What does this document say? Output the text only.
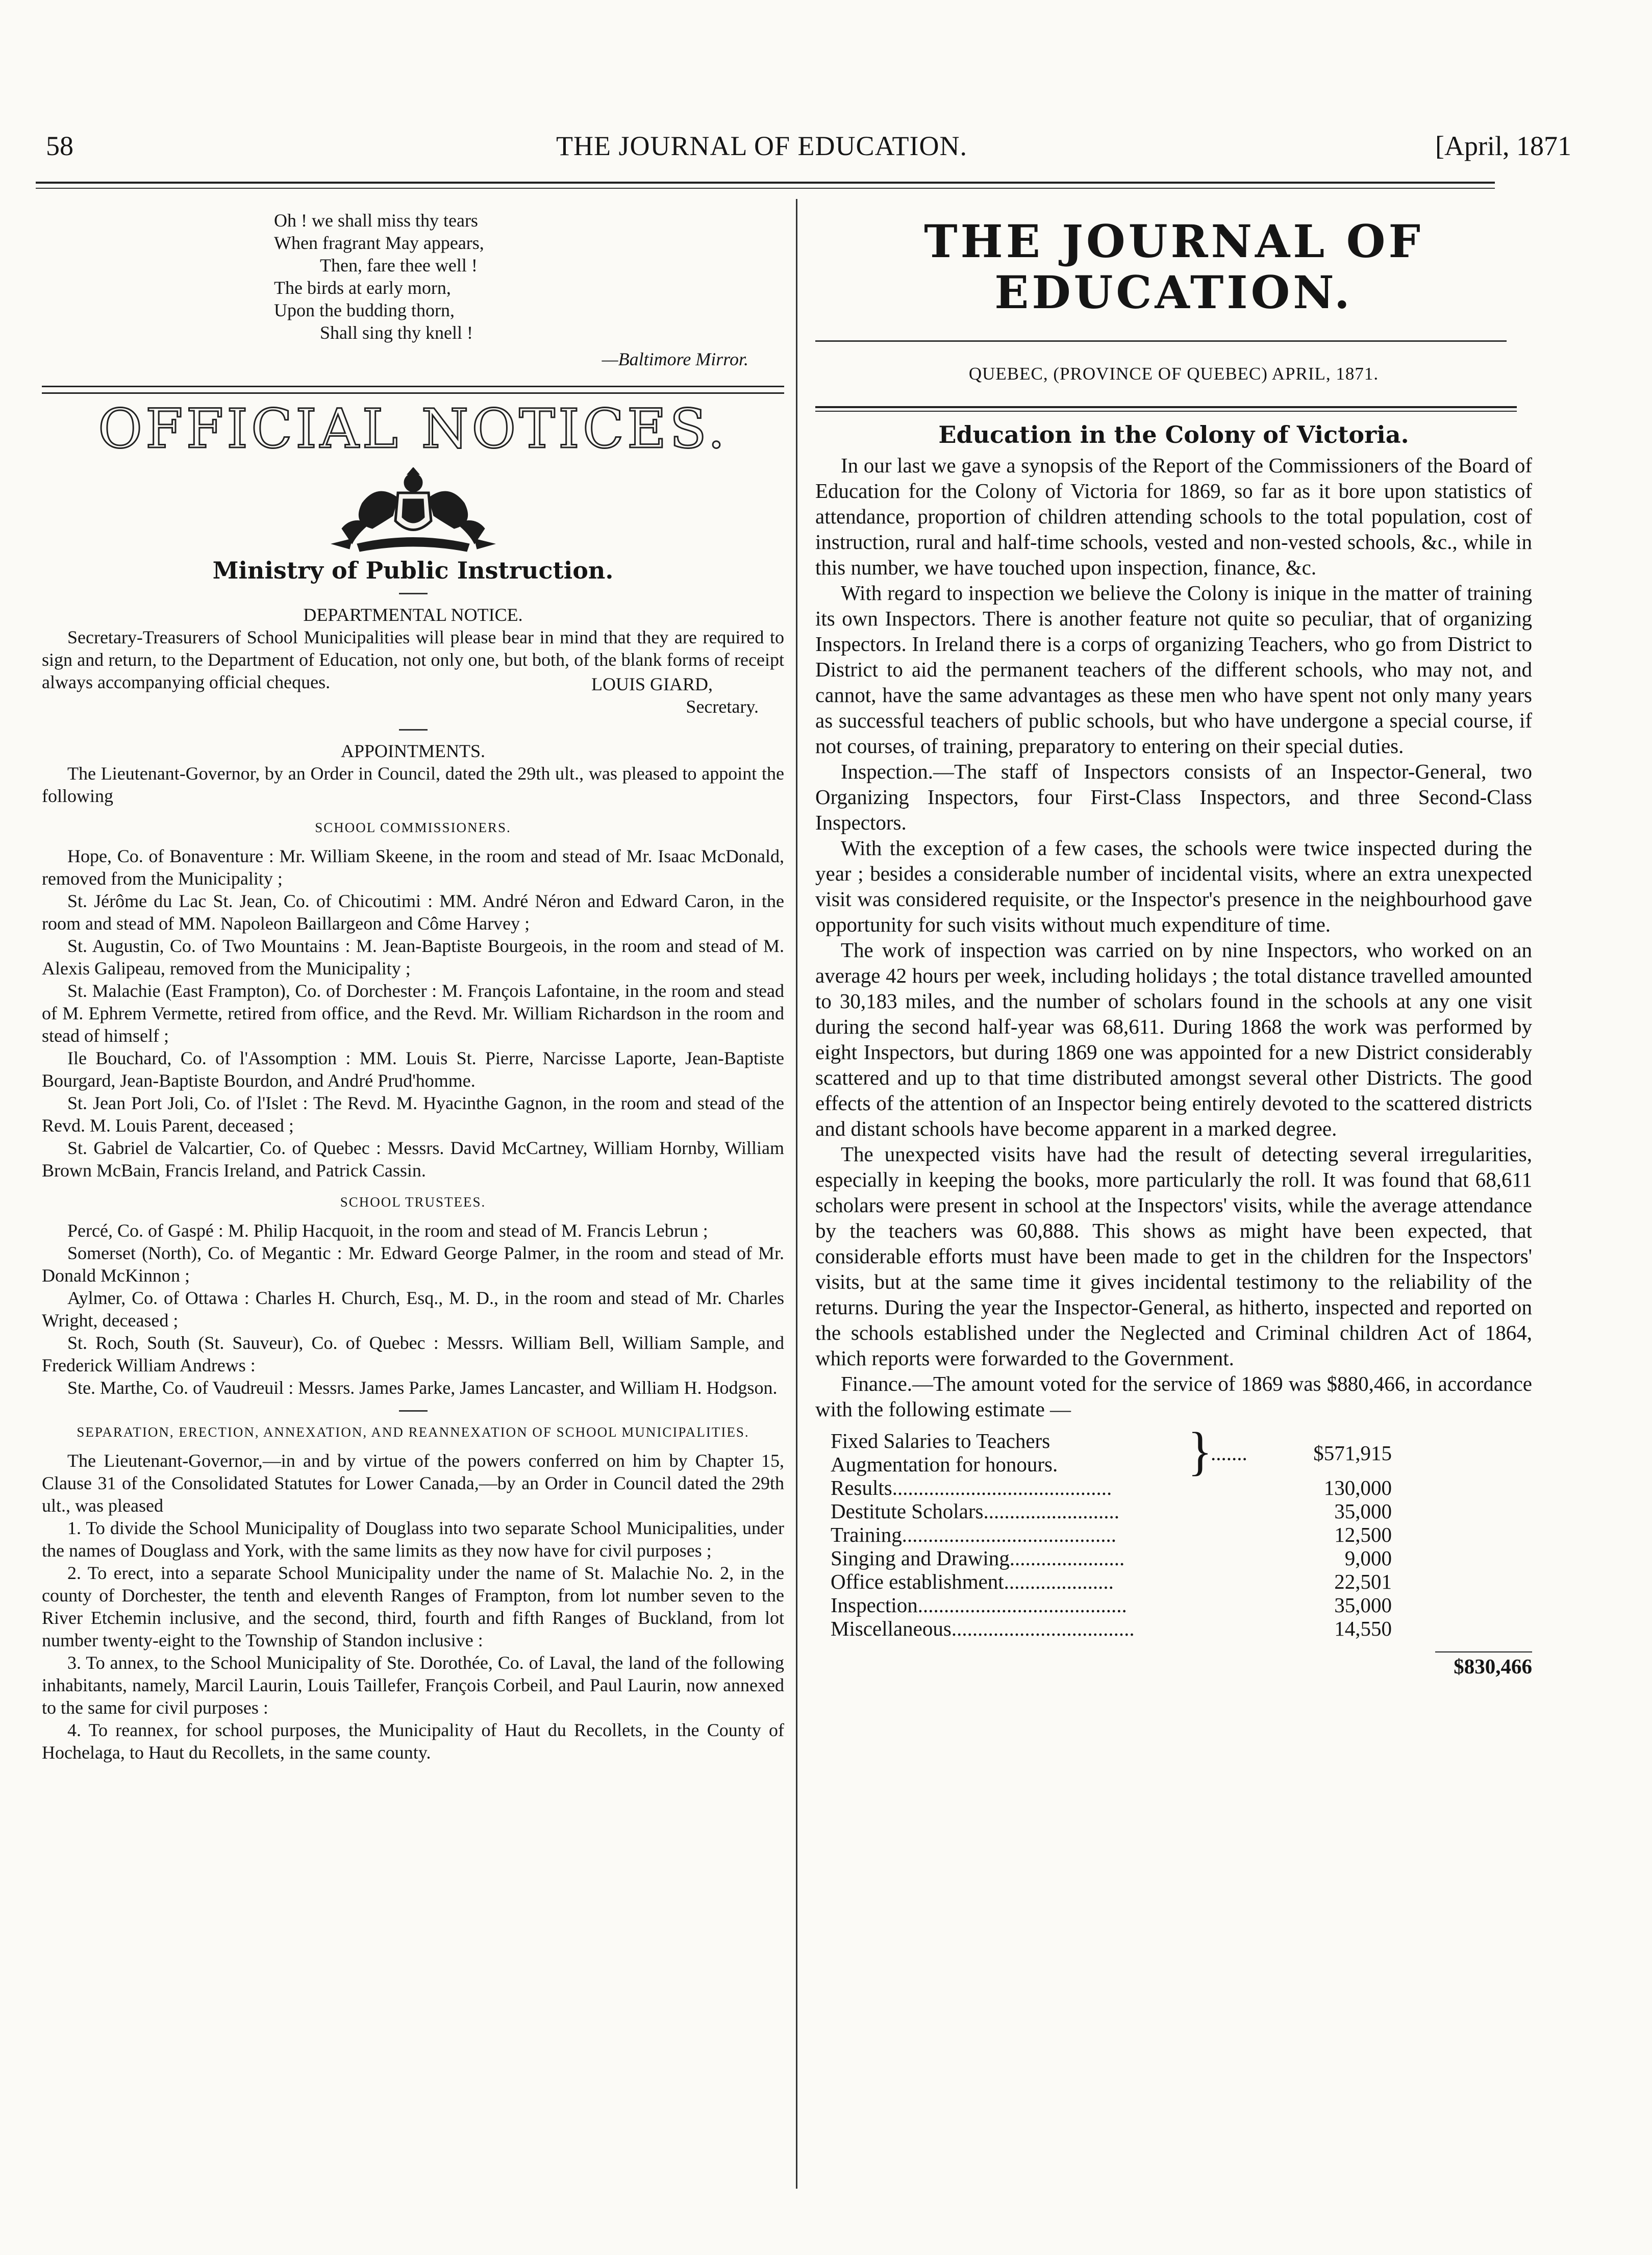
58	THE JOURNAL OF EDUCATION.	[April, 1871
Oh ! we shall miss thy tears
When fragrant May appears,
Then, fare thee well !
The birds at early morn,
Upon the budding thorn,
Shall sing thy knell !
—Baltimore Mirror.
OFFICIAL NOTICES.
Ministry of Public Instruction.

DEPARTMENTAL NOTICE.

Secretary-Treasurers of School Municipalities will please bear in mind that they are required to sign and return, to the Department of Education, not only one, but both, of the blank forms of receipt always accompanying official cheques.	LOUIS GIARD,

Secretary.

APPOINTMENTS.

The Lieutenant-Governor, by an Order in Council, dated the 29th ult., was pleased to appoint the following

SCHOOL COMMISSIONERS.

Hope, Co. of Bonaventure : Mr. William Skeene, in the room and stead of Mr. Isaac McDonald, removed from the Municipality ;

St. Jérôme du Lac St. Jean, Co. of Chicoutimi : MM. André Néron and Edward Caron, in the room and stead of MM. Napoleon Baillargeon and Côme Harvey ;

St. Augustin, Co. of Two Mountains : M. Jean-Baptiste Bourgeois, in the room and stead of M. Alexis Galipeau, removed from the Municipality ;

St. Malachie (East Frampton), Co. of Dorchester : M. François Lafontaine, in the room and stead of M. Ephrem Vermette, retired from office, and the Revd. Mr. William Richardson in the room and stead of himself ;

Ile Bouchard, Co. of l'Assomption : MM. Louis St. Pierre, Narcisse Laporte, Jean-Baptiste Bourgard, Jean-Baptiste Bourdon, and André Prud'homme.

St. Jean Port Joli, Co. of l'Islet : The Revd. M. Hyacinthe Gagnon, in the room and stead of the Revd. M. Louis Parent, deceased ;

St. Gabriel de Valcartier, Co. of Quebec : Messrs. David McCartney, William Hornby, William Brown McBain, Francis Ireland, and Patrick Cassin.

SCHOOL TRUSTEES.

Percé, Co. of Gaspé : M. Philip Hacquoit, in the room and stead of M. Francis Lebrun ;

Somerset (North), Co. of Megantic : Mr. Edward George Palmer, in the room and stead of Mr. Donald McKinnon ;

Aylmer, Co. of Ottawa : Charles H. Church, Esq., M. D., in the room and stead of Mr. Charles Wright, deceased ;

St. Roch, South (St. Sauveur), Co. of Quebec : Messrs. William Bell, William Sample, and Frederick William Andrews :

Ste. Marthe, Co. of Vaudreuil : Messrs. James Parke, James Lancaster, and William H. Hodgson.

SEPARATION, ERECTION, ANNEXATION, AND REANNEXATION OF SCHOOL MUNICIPALITIES.

The Lieutenant-Governor,—in and by virtue of the powers conferred on him by Chapter 15, Clause 31 of the Consolidated Statutes for Lower Canada,—by an Order in Council dated the 29th ult., was pleased

1. To divide the School Municipality of Douglass into two separate School Municipalities, under the names of Douglass and York, with the same limits as they now have for civil purposes ;

2. To erect, into a separate School Municipality under the name of St. Malachie No. 2, in the county of Dorchester, the tenth and eleventh Ranges of Frampton, from lot number seven to the River Etchemin inclusive, and the second, third, fourth and fifth Ranges of Buckland, from lot number twenty-eight to the Township of Standon inclusive :

3. To annex, to the School Municipality of Ste. Dorothée, Co. of Laval, the land of the following inhabitants, namely, Marcil Laurin, Louis Taillefer, François Corbeil, and Paul Laurin, now annexed to the same for civil purposes :

4. To reannex, for school purposes, the Municipality of Haut du Recollets, in the County of Hochelaga, to Haut du Recollets, in the same county.

THE JOURNAL OF EDUCATION.
QUEBEC, (PROVINCE OF QUEBEC) APRIL, 1871.
Education in the Colony of Victoria.

In our last we gave a synopsis of the Report of the Commissioners of the Board of Education for the Colony of Victoria for 1869, so far as it bore upon statistics of attendance, proportion of children attending schools to the total population, cost of instruction, rural and half-time schools, vested and non-vested schools, &c., while in this number, we have touched upon inspection, finance, &c.

With regard to inspection we believe the Colony is inique in the matter of training its own Inspectors. There is another feature not quite so peculiar, that of organizing Inspectors. In Ireland there is a corps of organizing Teachers, who go from District to District to aid the permanent teachers of the different schools, who may not, and cannot, have the same advantages as these men who have spent not only many years as successful teachers of public schools, but who have undergone a special course, if not courses, of training, preparatory to entering on their special duties.

Inspection.—The staff of Inspectors consists of an Inspector-General, two Organizing Inspectors, four First-Class Inspectors, and three Second-Class Inspectors.

With the exception of a few cases, the schools were twice inspected during the year ; besides a considerable number of incidental visits, where an extra unexpected visit was considered requisite, or the Inspector's presence in the neighbourhood gave opportunity for such visits without much expenditure of time.

The work of inspection was carried on by nine Inspectors, who worked on an average 42 hours per week, including holidays ; the total distance travelled amounted to 30,183 miles, and the number of scholars found in the schools at any one visit during the second half-year was 68,611. During 1868 the work was performed by eight Inspectors, but during 1869 one was appointed for a new District considerably scattered and up to that time distributed amongst several other Districts. The good effects of the attention of an Inspector being entirely devoted to the scattered districts and distant schools have become apparent in a marked degree.

The unexpected visits have had the result of detecting several irregularities, especially in keeping the books, more particularly the roll. It was found that 68,611 scholars were present in school at the Inspectors' visits, while the average attendance by the teachers was 60,888. This shows as might have been expected, that considerable efforts must have been made to get in the children for the Inspectors' visits, but at the same time it gives incidental testimony to the reliability of the returns. During the year the Inspector-General, as hitherto, inspected and reported on the schools established under the Neglected and Criminal children Act of 1864, which reports were forwarded to the Government.

Finance.—The amount voted for the service of 1869 was $880,466, in accordance with the following estimate —

Fixed Salaries to Teachers
Augmentation for honours.	}
.......	$571,915
Results..........................................	130,000
Destitute Scholars..........................	35,000
Training.........................................	12,500
Singing and Drawing......................	9,000
Office establishment.....................	22,501
Inspection........................................	35,000
Miscellaneous...................................	14,550
$830,466
